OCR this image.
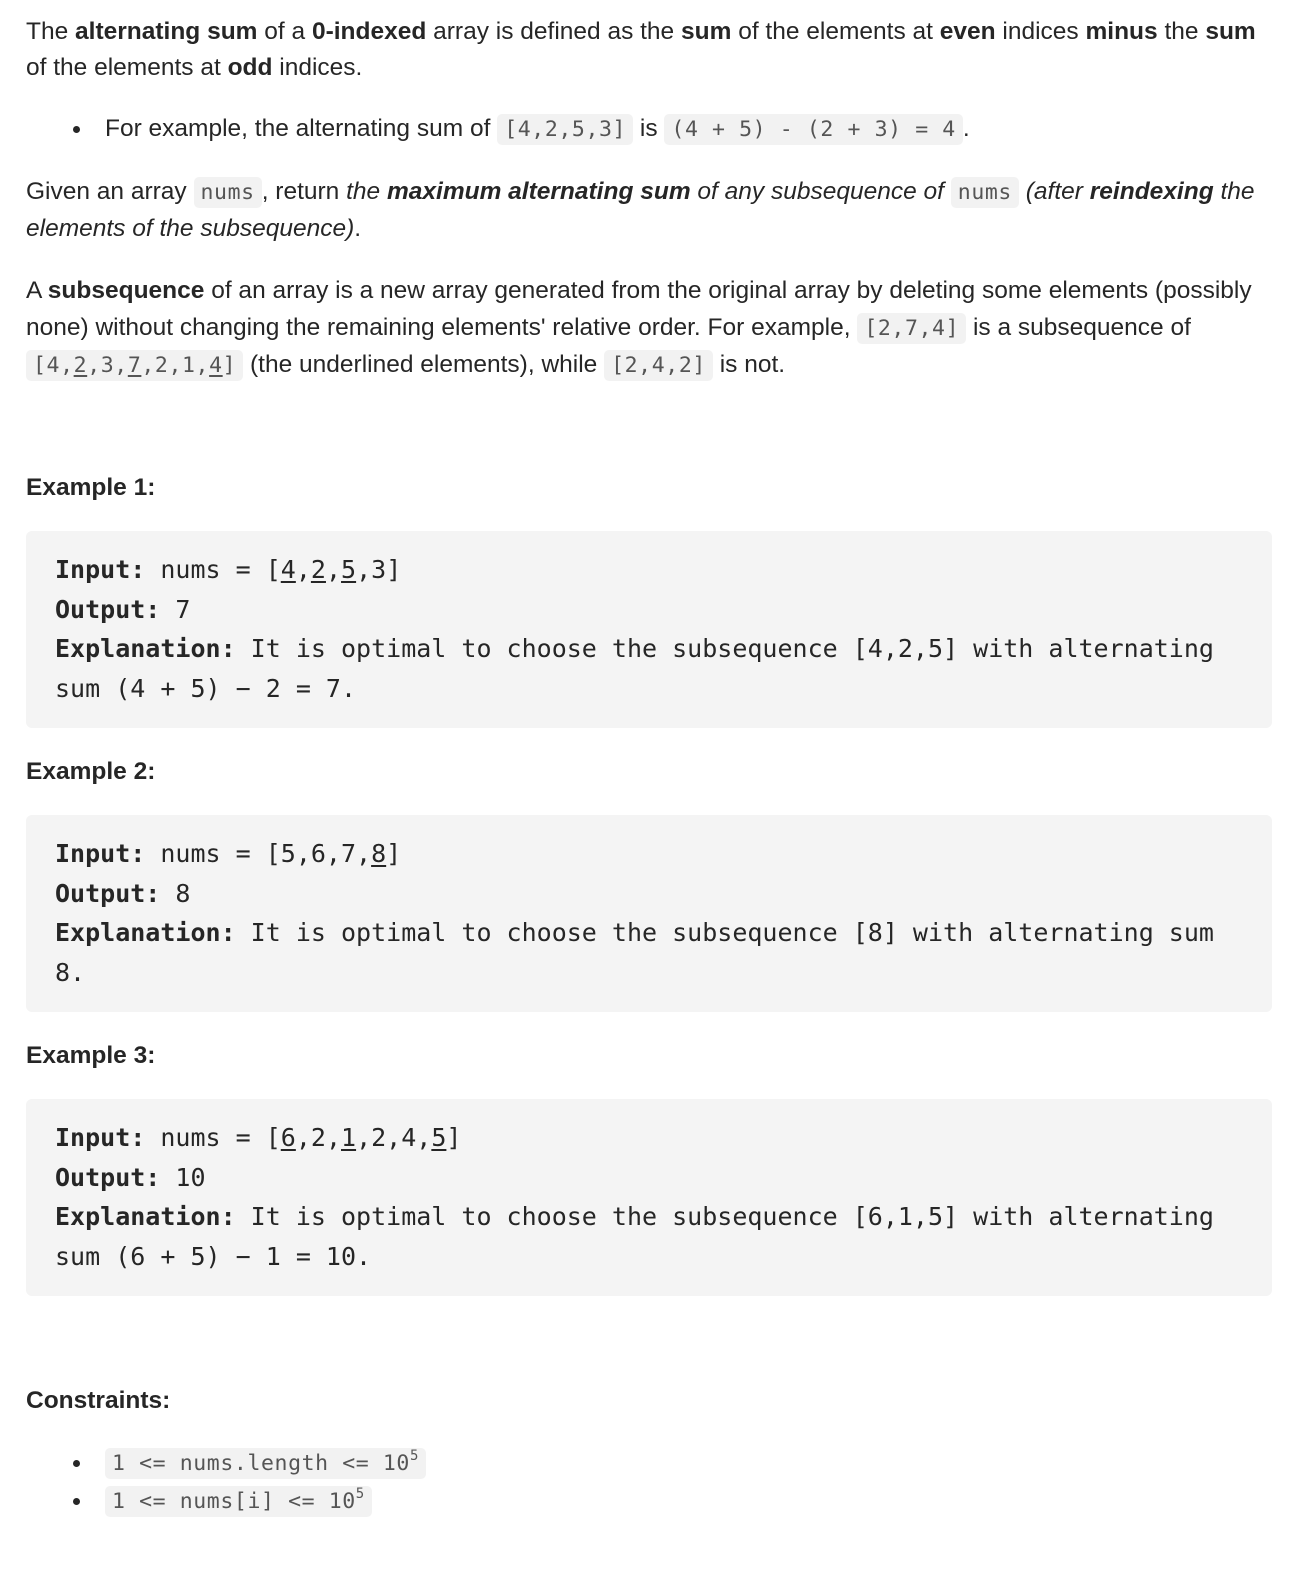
The alternating sum of a 0-indexed array is defined as the sum of the elements at even indices minus the sum of the elements at odd indices.

For example, the alternating sum of [4,2,5,3] is (4 + 5) - (2 + 3) = 4 .

Given an array nums , return the maximum alternating sum of any subsequence of nums (after reindexing the elements of the subsequence).

A subsequence of an array is a new array generated from the original array by deleting some elements (possibly none) without changing the remaining elements' relative order. For example, [2,7,4] is a subsequence of [4,2,3,7,2,1,4] (the underlined elements), while [2,4,2] is not.

Example 1:
Input: nums = [4,2,5,3]
Output: 7
Explanation: It is optimal to choose the subsequence [4,2,5] with alternating sum (4 + 5) − 2 = 7.
Example 2:
Input: nums = [5,6,7,8]
Output: 8
Explanation: It is optimal to choose the subsequence [8] with alternating sum 8.
Example 3:
Input: nums = [6,2,1,2,4,5]
Output: 10
Explanation: It is optimal to choose the subsequence [6,1,5] with alternating sum (6 + 5) − 1 = 10.
Constraints:
1 <= nums.length <= $10^5$
1 <= nums[i] <= $10^5$
